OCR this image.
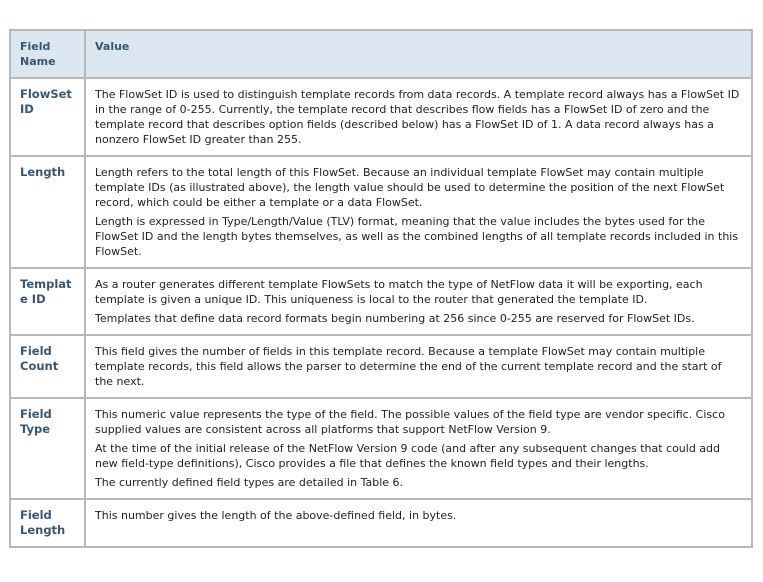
Field Name	Value
FlowSet ID	The FlowSet ID is used to distinguish template records from data records. A template record always has a FlowSet ID in the range of 0-255. Currently, the template record that describes flow fields has a FlowSet ID of zero and the template record that describes option fields (described below) has a FlowSet ID of 1. A data record always has a nonzero FlowSet ID greater than 255.

Length	Length refers to the total length of this FlowSet. Because an individual template FlowSet may contain multiple template IDs (as illustrated above), the length value should be used to determine the position of the next FlowSet record, which could be either a template or a data FlowSet.

Length is expressed in Type/Length/Value (TLV) format, meaning that the value includes the bytes used for the FlowSet ID and the length bytes themselves, as well as the combined lengths of all template records included in this FlowSet.

Template ID	As a router generates different template FlowSets to match the type of NetFlow data it will be exporting, each template is given a unique ID. This uniqueness is local to the router that generated the template ID.

Templates that define data record formats begin numbering at 256 since 0-255 are reserved for FlowSet IDs.

Field Count	This field gives the number of fields in this template record. Because a template FlowSet may contain multiple template records, this field allows the parser to determine the end of the current template record and the start of the next.

Field Type	This numeric value represents the type of the field. The possible values of the field type are vendor specific. Cisco supplied values are consistent across all platforms that support NetFlow Version 9.

At the time of the initial release of the NetFlow Version 9 code (and after any subsequent changes that could add new field-type definitions), Cisco provides a file that defines the known field types and their lengths.

The currently defined field types are detailed in Table 6.

Field Length	This number gives the length of the above-defined field, in bytes.
